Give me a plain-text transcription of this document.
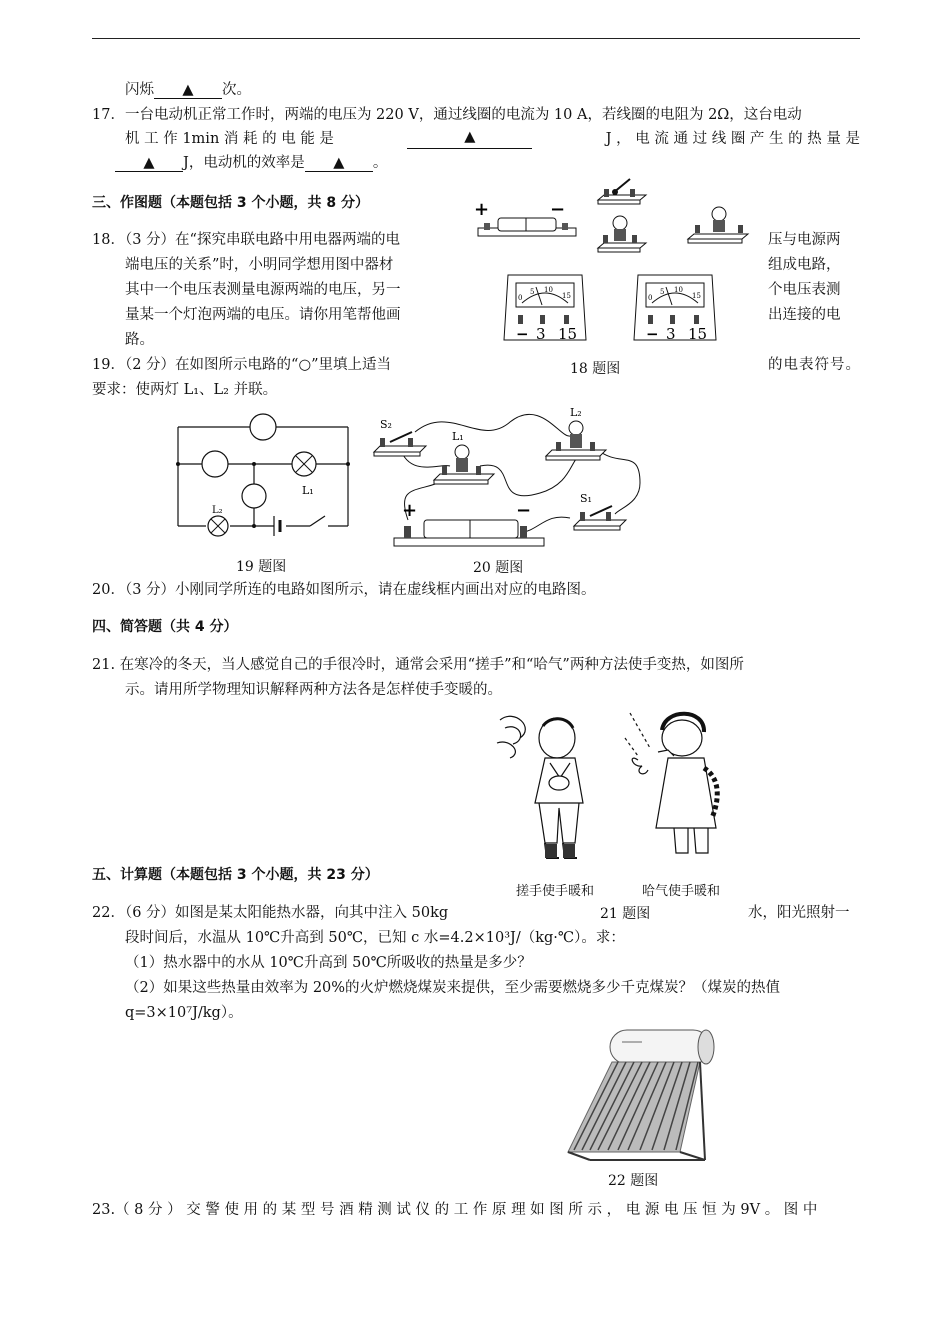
闪烁 ▲ 次。
17．一台电动机正常工作时，两端的电压为 220 V，通过线圈的电流为 10 A，若线圈的电阻为 2Ω，这台电动
机 工 作 1min 消 耗 的 电 能 是	▲	J ， 电 流 通 过 线 圈 产 生 的 热 量 是
▲ J，电动机的效率是 ▲ 。
三、作图题（本题包括 3 个小题，共 8 分）
18．（3 分）在“探究串联电路中用电器两端的电	压与电源两
端电压的关系”时，小明同学想用图中器材	组成电路，
其中一个电压表测量电源两端的电压，另一	个电压表测
量某一个灯泡两端的电压。请你用笔帮他画	出连接的电
路。
+	−
0
5 10
15
− 3 15
0
5 10
15
− 3 15
18 题图
19．（2 分）在如图所示电路的“○”里填上适当	的电表符号。
要求：使两灯 L₁、L₂ 并联。
L₁
L₂
19 题图
S₂
L₁
L₂
S₁
+	−
20 题图
20．（3 分）小刚同学所连的电路如图所示，请在虚线框内画出对应的电路图。
四、简答题（共 4 分）
21. 在寒冷的冬天，当人感觉自己的手很冷时，通常会采用“搓手”和“哈气”两种方法使手变热，如图所
示。请用所学物理知识解释两种方法各是怎样使手变暖的。
搓手使手暖和	哈气使手暖和
21 题图
五、计算题（本题包括 3 个小题，共 23 分）
22．（6 分）如图是某太阳能热水器，向其中注入 50kg	水，阳光照射一
段时间后，水温从 10℃升高到 50℃，已知 c 水=4.2×10³J/（kg·℃）。求：
（1）热水器中的水从 10℃升高到 50℃所吸收的热量是多少？
（2）如果这些热量由效率为 20%的火炉燃烧煤炭来提供，至少需要燃烧多少千克煤炭？（煤炭的热值
q=3×10⁷J/kg）。
22 题图
23.（ 8 分 ） 交 警 使 用 的 某 型 号 酒 精 测 试 仪 的 工 作 原 理 如 图 所 示 ， 电 源 电 压 恒 为 9V 。 图 中
